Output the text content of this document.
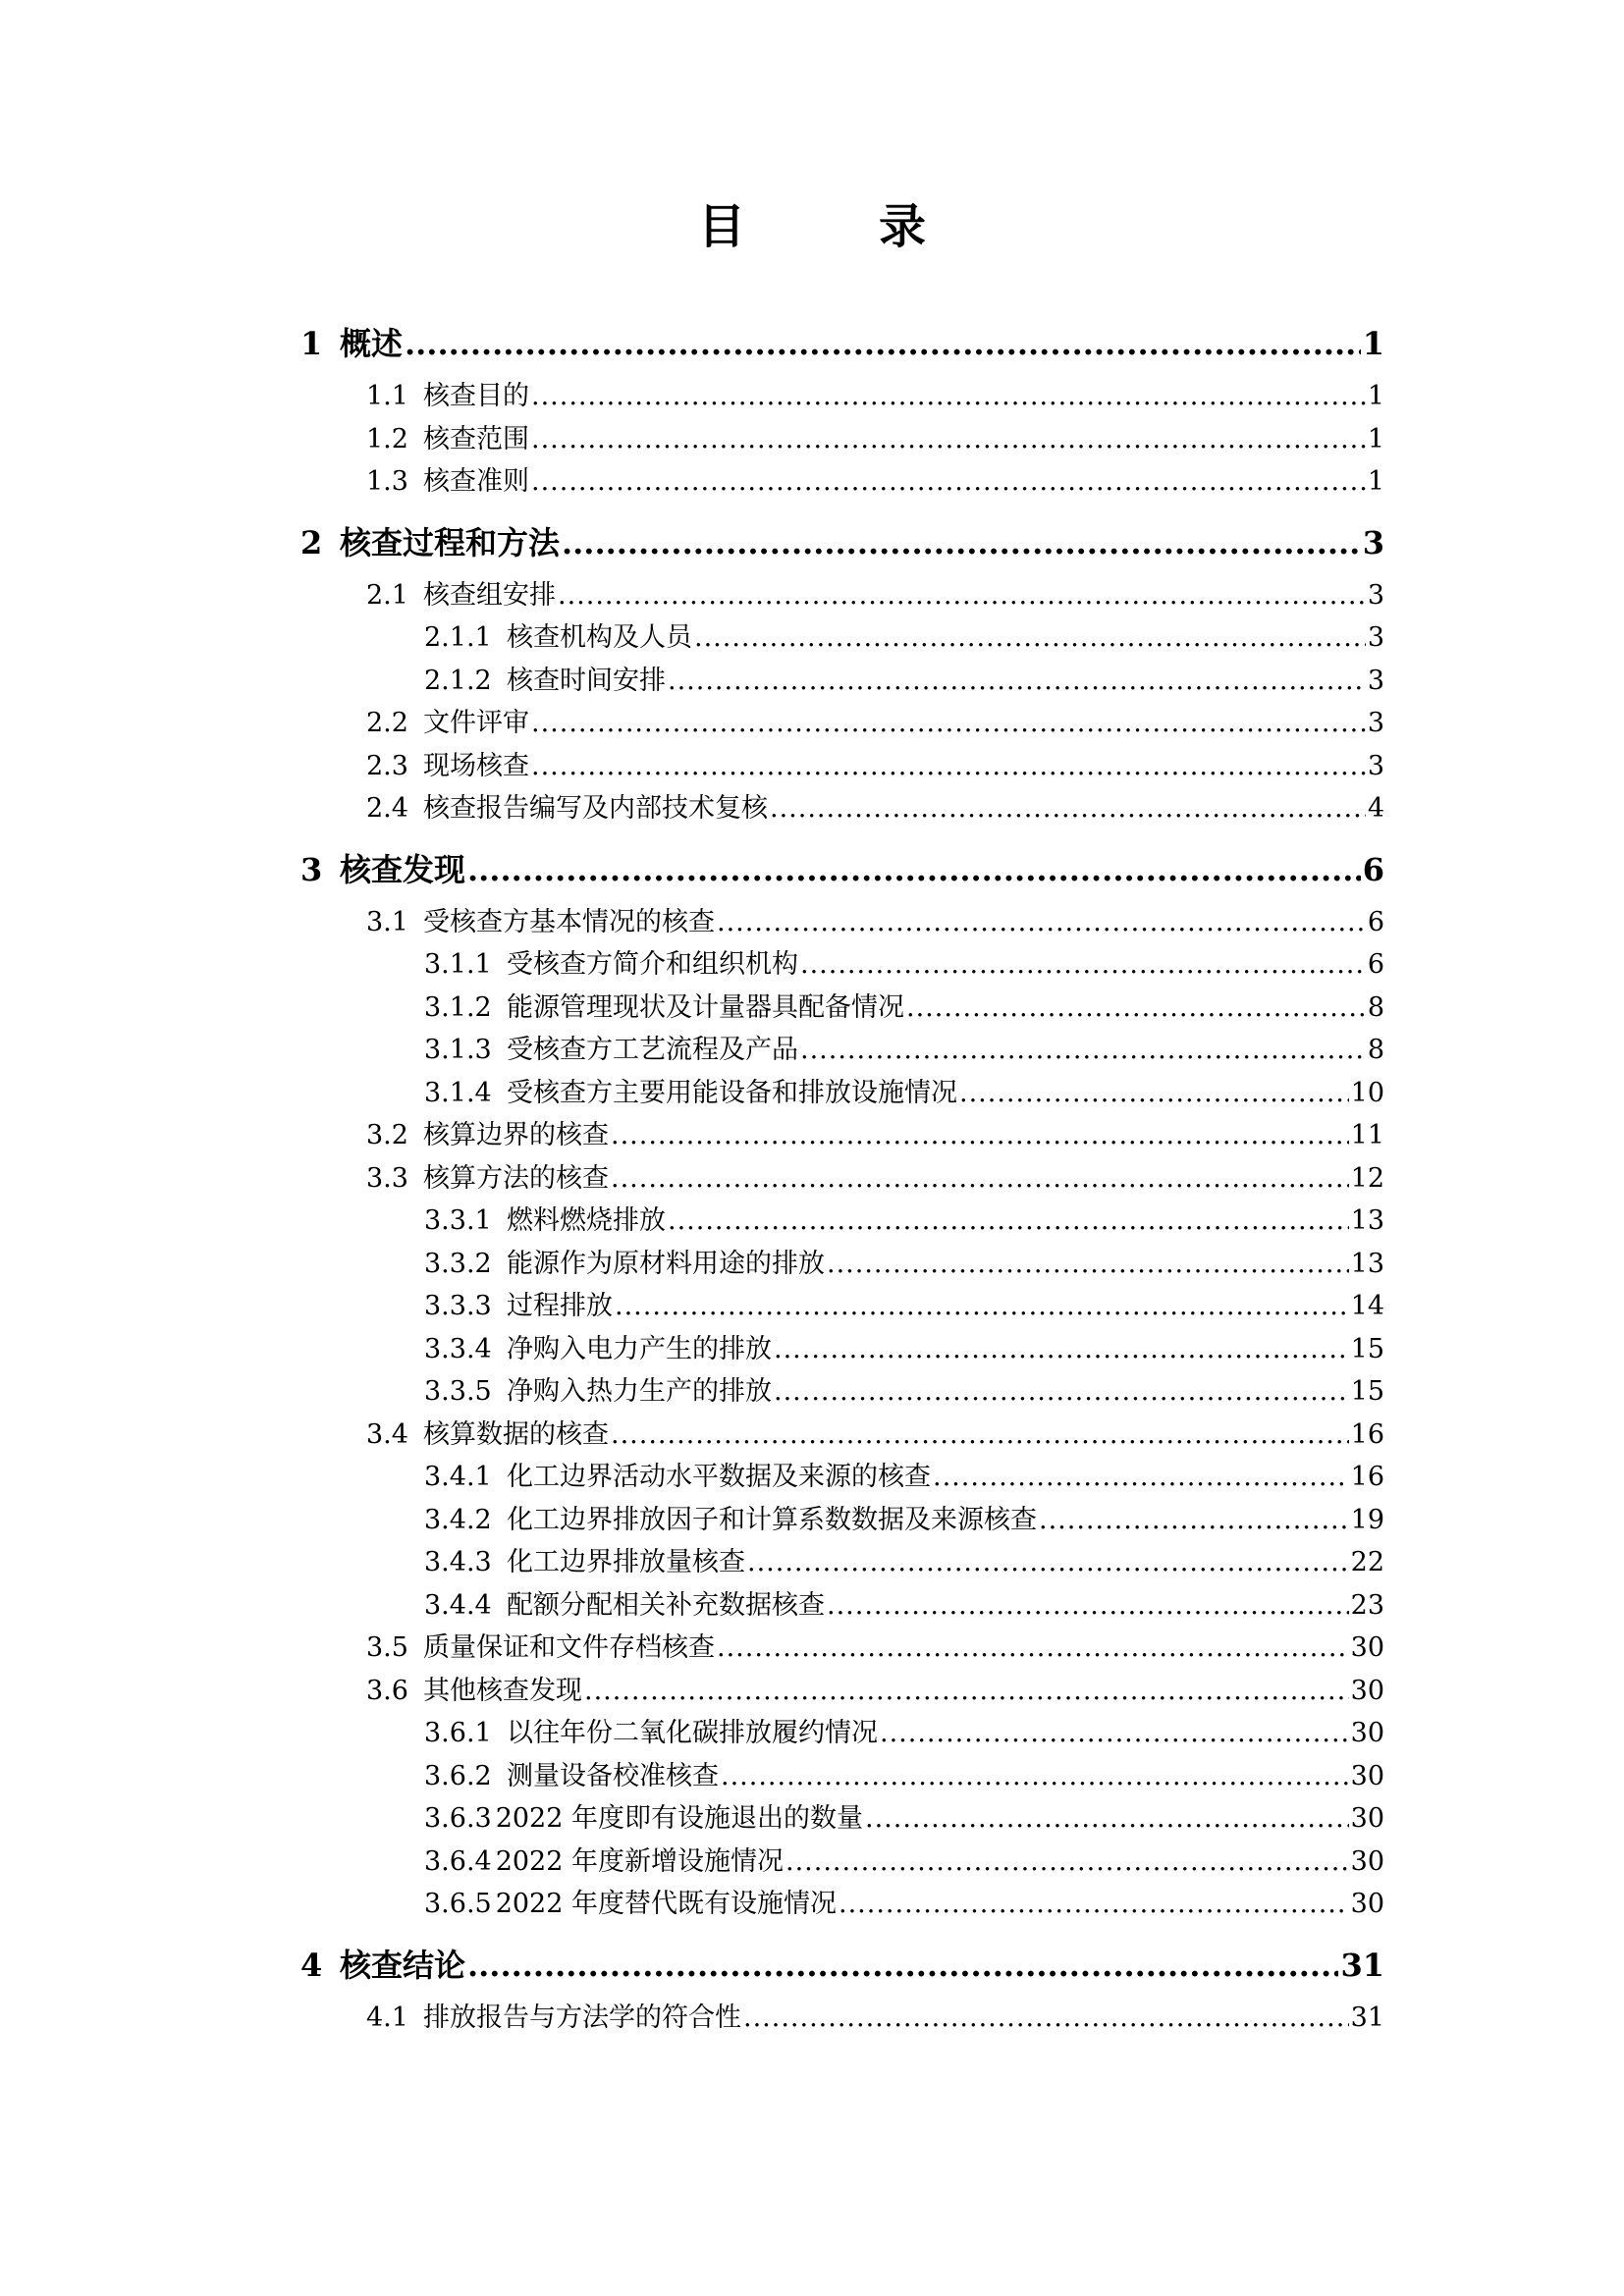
目　录
1 概述 .....	1
1.1 核查目的 .....	1
1.2 核查范围 .....	1
1.3 核查准则 .....	1
2 核查过程和方法 .....	3
2.1 核查组安排 .....	3
2.1.1 核查机构及人员 .....	3
2.1.2 核查时间安排 .....	3
2.2 文件评审 .....	3
2.3 现场核查 .....	3
2.4 核查报告编写及内部技术复核 .....	4
3 核查发现 .....	6
3.1 受核查方基本情况的核查 .....	6
3.1.1 受核查方简介和组织机构 .....	6
3.1.2 能源管理现状及计量器具配备情况 .....	8
3.1.3 受核查方工艺流程及产品 .....	8
3.1.4 受核查方主要用能设备和排放设施情况 .....	10
3.2 核算边界的核查 .....	11
3.3 核算方法的核查 .....	12
3.3.1 燃料燃烧排放 .....	13
3.3.2 能源作为原材料用途的排放 .....	13
3.3.3 过程排放 .....	14
3.3.4 净购入电力产生的排放 .....	15
3.3.5 净购入热力生产的排放 .....	15
3.4 核算数据的核查 .....	16
3.4.1 化工边界活动水平数据及来源的核查 .....	16
3.4.2 化工边界排放因子和计算系数数据及来源核查 .....	19
3.4.3 化工边界排放量核查 .....	22
3.4.4 配额分配相关补充数据核查 .....	23
3.5 质量保证和文件存档核查 .....	30
3.6 其他核查发现 .....	30
3.6.1 以往年份二氧化碳排放履约情况 .....	30
3.6.2 测量设备校准核查 .....	30
3.6.3 2022 年度即有设施退出的数量 .....	30
3.6.4 2022 年度新增设施情况 .....	30
3.6.5 2022 年度替代既有设施情况 .....	30
4 核查结论 .....	31
4.1 排放报告与方法学的符合性 .....	31
